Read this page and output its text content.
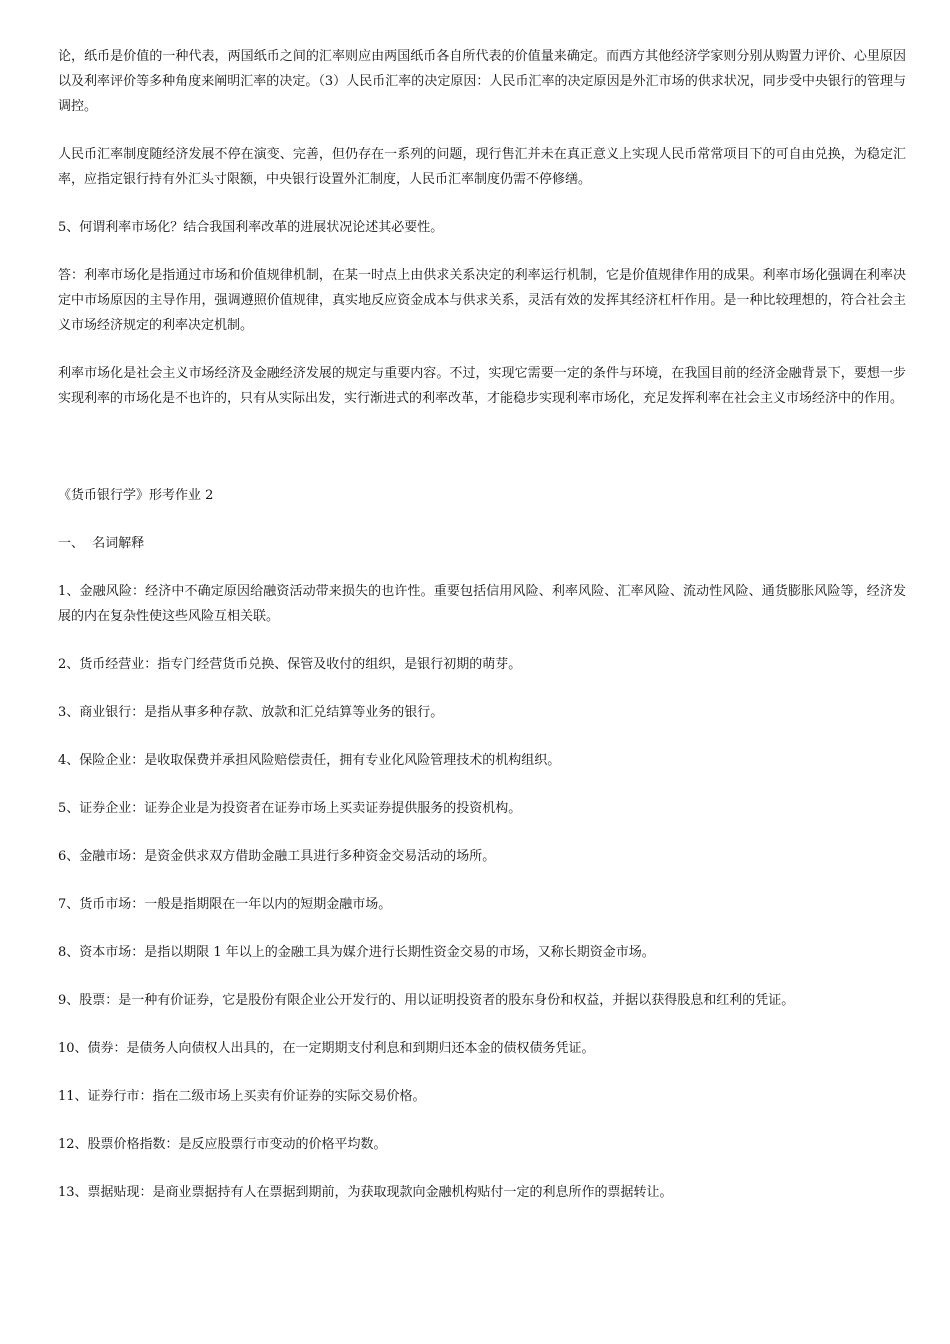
论，纸币是价值的一种代表，两国纸币之间的汇率则应由两国纸币各自所代表的价值量来确定。而西方其他经济学家则分别从购置力评价、心里原因以及利率评价等多种角度来阐明汇率的决定。（3）人民币汇率的决定原因：人民币汇率的决定原因是外汇市场的供求状况，同步受中央银行的管理与调控。

人民币汇率制度随经济发展不停在演变、完善，但仍存在一系列的问题，现行售汇并未在真正意义上实现人民币常常项目下的可自由兑换，为稳定汇率，应指定银行持有外汇头寸限额，中央银行设置外汇制度，人民币汇率制度仍需不停修缮。

5、何谓利率市场化？结合我国利率改革的进展状况论述其必要性。

答：利率市场化是指通过市场和价值规律机制，在某一时点上由供求关系决定的利率运行机制，它是价值规律作用的成果。利率市场化强调在利率决定中市场原因的主导作用，强调遵照价值规律，真实地反应资金成本与供求关系，灵活有效的发挥其经济杠杆作用。是一种比较理想的，符合社会主义市场经济规定的利率决定机制。

利率市场化是社会主义市场经济及金融经济发展的规定与重要内容。不过，实现它需要一定的条件与环境，在我国目前的经济金融背景下，要想一步实现利率的市场化是不也许的，只有从实际出发，实行渐进式的利率改革，才能稳步实现利率市场化，充足发挥利率在社会主义市场经济中的作用。

《货币银行学》形考作业 2

一、  名词解释

1、金融风险：经济中不确定原因给融资活动带来损失的也许性。重要包括信用风险、利率风险、汇率风险、流动性风险、通货膨胀风险等，经济发展的内在复杂性使这些风险互相关联。

2、货币经营业：指专门经营货币兑换、保管及收付的组织，是银行初期的萌芽。

3、商业银行：是指从事多种存款、放款和汇兑结算等业务的银行。

4、保险企业：是收取保费并承担风险赔偿责任，拥有专业化风险管理技术的机构组织。

5、证券企业：证券企业是为投资者在证券市场上买卖证券提供服务的投资机构。

6、金融市场：是资金供求双方借助金融工具进行多种资金交易活动的场所。

7、货币市场：一般是指期限在一年以内的短期金融市场。

8、资本市场：是指以期限 1 年以上的金融工具为媒介进行长期性资金交易的市场，又称长期资金市场。

9、股票：是一种有价证券，它是股份有限企业公开发行的、用以证明投资者的股东身份和权益，并据以获得股息和红利的凭证。

10、债券：是债务人向债权人出具的，在一定期期支付利息和到期归还本金的债权债务凭证。

11、证券行市：指在二级市场上买卖有价证券的实际交易价格。

12、股票价格指数：是反应股票行市变动的价格平均数。

13、票据贴现：是商业票据持有人在票据到期前，为获取现款向金融机构贴付一定的利息所作的票据转让。
